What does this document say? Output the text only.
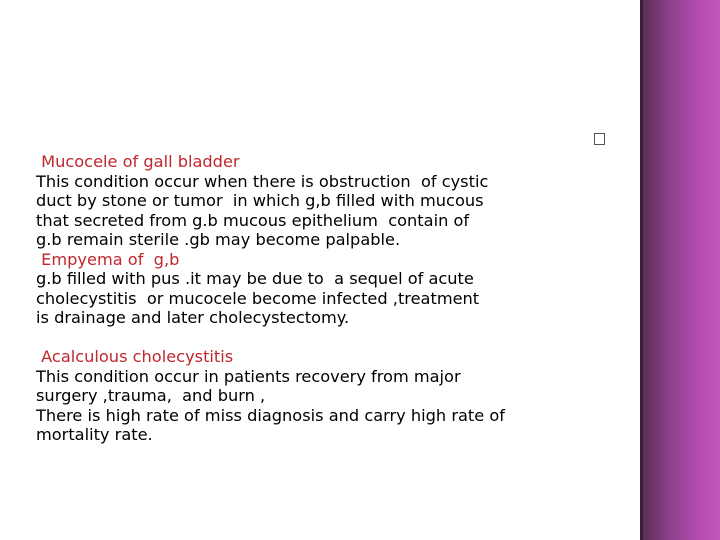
Mucocele of gall bladder
This condition occur when there is obstruction  of cystic
duct by stone or tumor  in which g,b filled with mucous
that secreted from g.b mucous epithelium  contain of
g.b remain sterile .gb may become palpable.
Empyema of  g,b
g.b filled with pus .it may be due to  a sequel of acute
cholecystitis  or mucocele become infected ,treatment
is drainage and later cholecystectomy.
Acalculous cholecystitis
This condition occur in patients recovery from major
surgery ,trauma,  and burn ,
There is high rate of miss diagnosis and carry high rate of
mortality rate.
